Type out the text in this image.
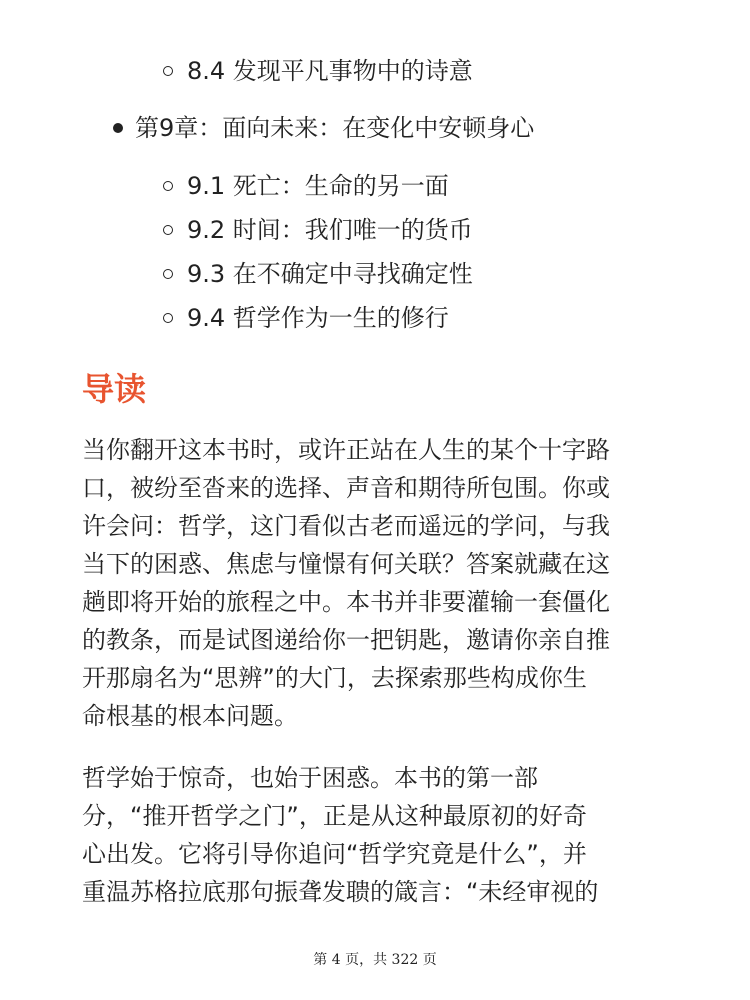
8.4 发现平凡事物中的诗意
第9章：面向未来：在变化中安顿身心
9.1 死亡：生命的另一面
9.2 时间：我们唯一的货币
9.3 在不确定中寻找确定性
9.4 哲学作为一生的修行
导读
当你翻开这本书时，或许正站在人生的某个十字路
口，被纷至沓来的选择、声音和期待所包围。你或
许会问：哲学，这门看似古老而遥远的学问，与我
当下的困惑、焦虑与憧憬有何关联？答案就藏在这
趟即将开始的旅程之中。本书并非要灌输一套僵化
的教条，而是试图递给你一把钥匙，邀请你亲自推
开那扇名为“思辨”的大门，去探索那些构成你生
命根基的根本问题。
哲学始于惊奇，也始于困惑。本书的第一部
分，“推开哲学之门”，正是从这种最原初的好奇
心出发。它将引导你追问“哲学究竟是什么”，并
重温苏格拉底那句振聋发聩的箴言：“未经审视的
第 4 页，共 322 页
